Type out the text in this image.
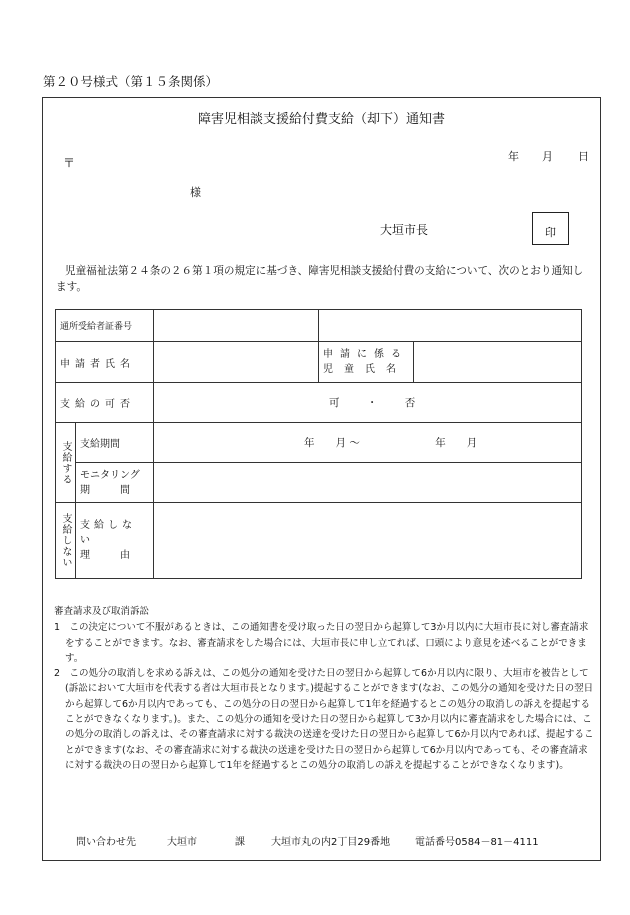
第２０号様式（第１５条関係）
障害児相談支援給付費支給（却下）通知書
年 月 日
〒
様
大垣市長	印
児童福祉法第２４条の２６第１項の規定に基づき、障害児相談支援給付費の支給について、次のとおり通知します。
通所受給者証番号			

申請者氏名			申請に係る
児童氏名	

支給の可否		可 ・ 否		
支給する	支給期間	年　　月 ～ 年　　月		

	モニタリング
期　　　間			

支給しない	支給しない
理　　　由			

審査請求及び取消訴訟

1　この決定について不服があるときは、この通知書を受け取った日の翌日から起算して3か月以内に大垣市長に対し審査請求をすることができます。なお、審査請求をした場合には、大垣市長に申し立てれば、口頭により意見を述べることができます。

2　この処分の取消しを求める訴えは、この処分の通知を受けた日の翌日から起算して6か月以内に限り、大垣市を被告として(訴訟において大垣市を代表する者は大垣市長となります。)提起することができます(なお、この処分の通知を受けた日の翌日から起算して6か月以内であっても、この処分の日の翌日から起算して1年を経過するとこの処分の取消しの訴えを提起することができなくなります。)。また、この処分の通知を受けた日の翌日から起算して3か月以内に審査請求をした場合には、この処分の取消しの訴えは、その審査請求に対する裁決の送達を受けた日の翌日から起算して6か月以内であれば、提起することができます(なお、その審査請求に対する裁決の送達を受けた日の翌日から起算して6か月以内であっても、その審査請求に対する裁決の日の翌日から起算して1年を経過するとこの処分の取消しの訴えを提起することができなくなります)。

問い合わせ先	大垣市	課	大垣市丸の内2丁目29番地 電話番号0584－81－4111
